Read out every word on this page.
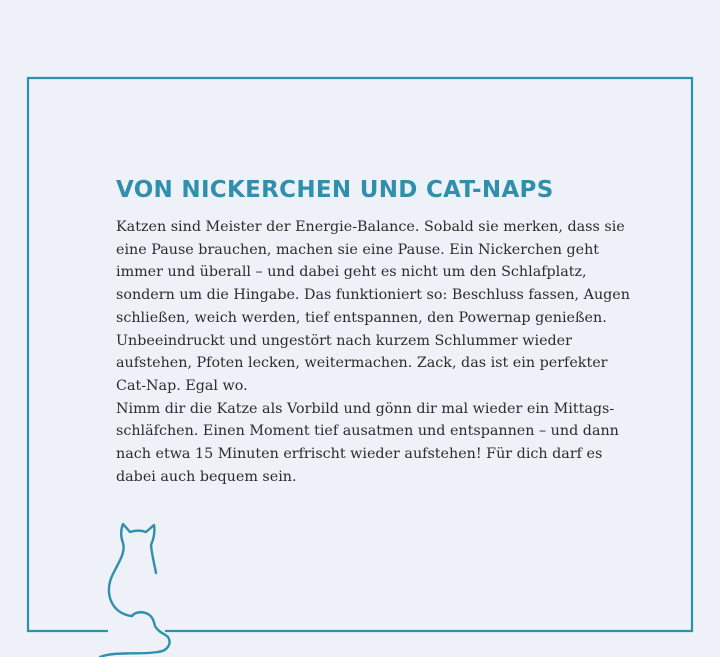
VON NICKERCHEN UND CAT-NAPS

Katzen sind Meister der Energie-Balance. Sobald sie merken, dass sie
eine Pause brauchen, machen sie eine Pause. Ein Nickerchen geht
immer und überall – und dabei geht es nicht um den Schlafplatz,
sondern um die Hingabe. Das funktioniert so: Beschluss fassen, Augen
schließen, weich werden, tief entspannen, den Powernap genießen.
Unbeeindruckt und ungestört nach kurzem Schlummer wieder
aufstehen, Pfoten lecken, weitermachen. Zack, das ist ein perfekter
Cat-Nap. Egal wo.

Nimm dir die Katze als Vorbild und gönn dir mal wieder ein Mittags-
schläfchen. Einen Moment tief ausatmen und entspannen – und dann
nach etwa 15 Minuten erfrischt wieder aufstehen! Für dich darf es
dabei auch bequem sein.
